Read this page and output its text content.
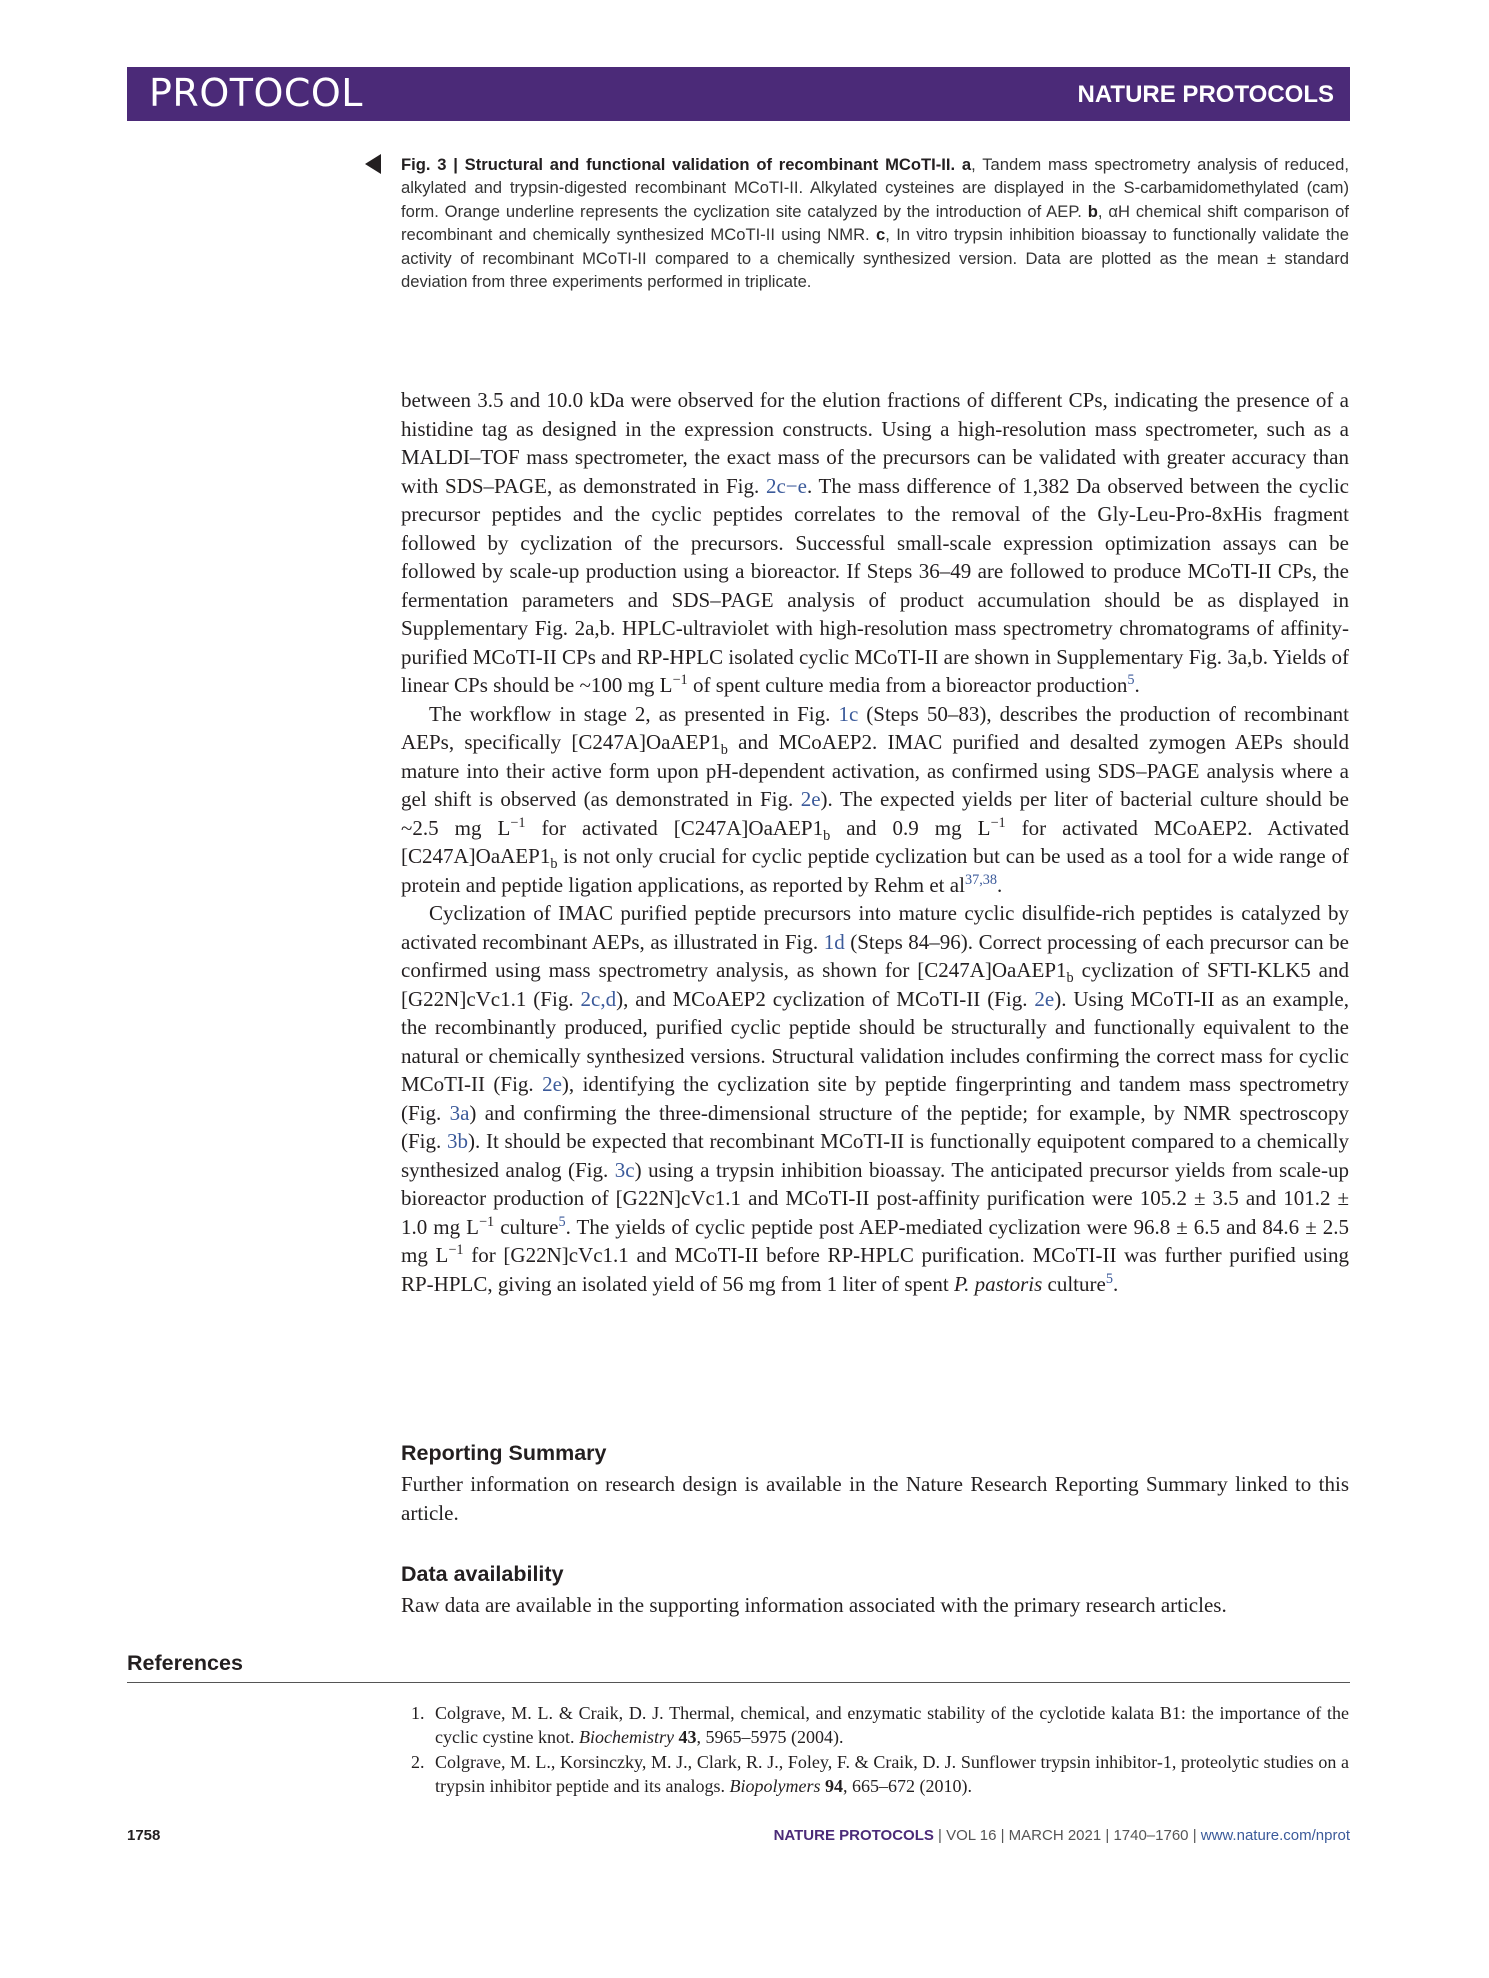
PROTOCOL	NATURE PROTOCOLS
Fig. 3 | Structural and functional validation of recombinant MCoTI-II. a, Tandem mass spectrometry analysis of reduced, alkylated and trypsin-digested recombinant MCoTI-II. Alkylated cysteines are displayed in the S-carbamidomethylated (cam) form. Orange underline represents the cyclization site catalyzed by the introduction of AEP. b, αH chemical shift comparison of recombinant and chemically synthesized MCoTI-II using NMR. c, In vitro trypsin inhibition bioassay to functionally validate the activity of recombinant MCoTI-II compared to a chemically synthesized version. Data are plotted as the mean ± standard deviation from three experiments performed in triplicate.

between 3.5 and 10.0 kDa were observed for the elution fractions of different CPs, indicating the presence of a histidine tag as designed in the expression constructs. Using a high-resolution mass spectrometer, such as a MALDI–TOF mass spectrometer, the exact mass of the precursors can be validated with greater accuracy than with SDS–PAGE, as demonstrated in Fig. 2c−e. The mass difference of 1,382 Da observed between the cyclic precursor peptides and the cyclic peptides correlates to the removal of the Gly-Leu-Pro-8xHis fragment followed by cyclization of the precursors. Successful small-scale expression optimization assays can be followed by scale-up production using a bioreactor. If Steps 36–49 are followed to produce MCoTI-II CPs, the fermentation parameters and SDS–PAGE analysis of product accumulation should be as displayed in Supplementary Fig. 2a,b. HPLC-ultraviolet with high-resolution mass spectrometry chromatograms of affinity-purified MCoTI-II CPs and RP-HPLC isolated cyclic MCoTI-II are shown in Supplementary Fig. 3a,b. Yields of linear CPs should be ~100 mg $L^{-1}$ of spent culture media from a bioreactor production$^5$.

The workflow in stage 2, as presented in Fig. 1c (Steps 50–83), describes the production of recombinant AEPs, specifically $[C247A]OaAEP1_b$ and MCoAEP2. IMAC purified and desalted zymogen AEPs should mature into their active form upon pH-dependent activation, as confirmed using SDS–PAGE analysis where a gel shift is observed (as demonstrated in Fig. 2e). The expected yields per liter of bacterial culture should be ~2.5 mg $L^{-1}$ for activated $[C247A]OaAEP1_b$ and 0.9 mg $L^{-1}$ for activated MCoAEP2. Activated $[C247A]OaAEP1_b$ is not only crucial for cyclic peptide cyclization but can be used as a tool for a wide range of protein and peptide ligation applications, as reported by Rehm et al$^{37,38}$.

Cyclization of IMAC purified peptide precursors into mature cyclic disulfide-rich peptides is catalyzed by activated recombinant AEPs, as illustrated in Fig. 1d (Steps 84–96). Correct processing of each precursor can be confirmed using mass spectrometry analysis, as shown for $[C247A]OaAEP1_b$ cyclization of SFTI-KLK5 and [G22N]cVc1.1 (Fig. 2c,d), and MCoAEP2 cyclization of MCoTI-II (Fig. 2e). Using MCoTI-II as an example, the recombinantly produced, purified cyclic peptide should be structurally and functionally equivalent to the natural or chemically synthesized versions. Structural validation includes confirming the correct mass for cyclic MCoTI-II (Fig. 2e), identifying the cyclization site by peptide fingerprinting and tandem mass spectrometry (Fig. 3a) and confirming the three-dimensional structure of the peptide; for example, by NMR spectroscopy (Fig. 3b). It should be expected that recombinant MCoTI-II is functionally equipotent compared to a chemically synthesized analog (Fig. 3c) using a trypsin inhibition bioassay. The anticipated precursor yields from scale-up bioreactor production of [G22N]cVc1.1 and MCoTI-II post-affinity purification were 105.2 ± 3.5 and 101.2 ± 1.0 mg $L^{-1}$ culture$^5$. The yields of cyclic peptide post AEP-mediated cyclization were 96.8 ± 6.5 and 84.6 ± 2.5 mg $L^{-1}$ for [G22N]cVc1.1 and MCoTI-II before RP-HPLC purification. MCoTI-II was further purified using RP-HPLC, giving an isolated yield of 56 mg from 1 liter of spent P. pastoris culture$^5$.

Reporting Summary
Further information on research design is available in the Nature Research Reporting Summary linked to this article.
Data availability
Raw data are available in the supporting information associated with the primary research articles.
References
1. Colgrave, M. L. & Craik, D. J. Thermal, chemical, and enzymatic stability of the cyclotide kalata B1: the importance of the cyclic cystine knot. Biochemistry 43, 5965–5975 (2004).
2. Colgrave, M. L., Korsinczky, M. J., Clark, R. J., Foley, F. & Craik, D. J. Sunflower trypsin inhibitor-1, proteolytic studies on a trypsin inhibitor peptide and its analogs. Biopolymers 94, 665–672 (2010).
1758	NATURE PROTOCOLS | VOL 16 | MARCH 2021 | 1740–1760 | www.nature.com/nprot
